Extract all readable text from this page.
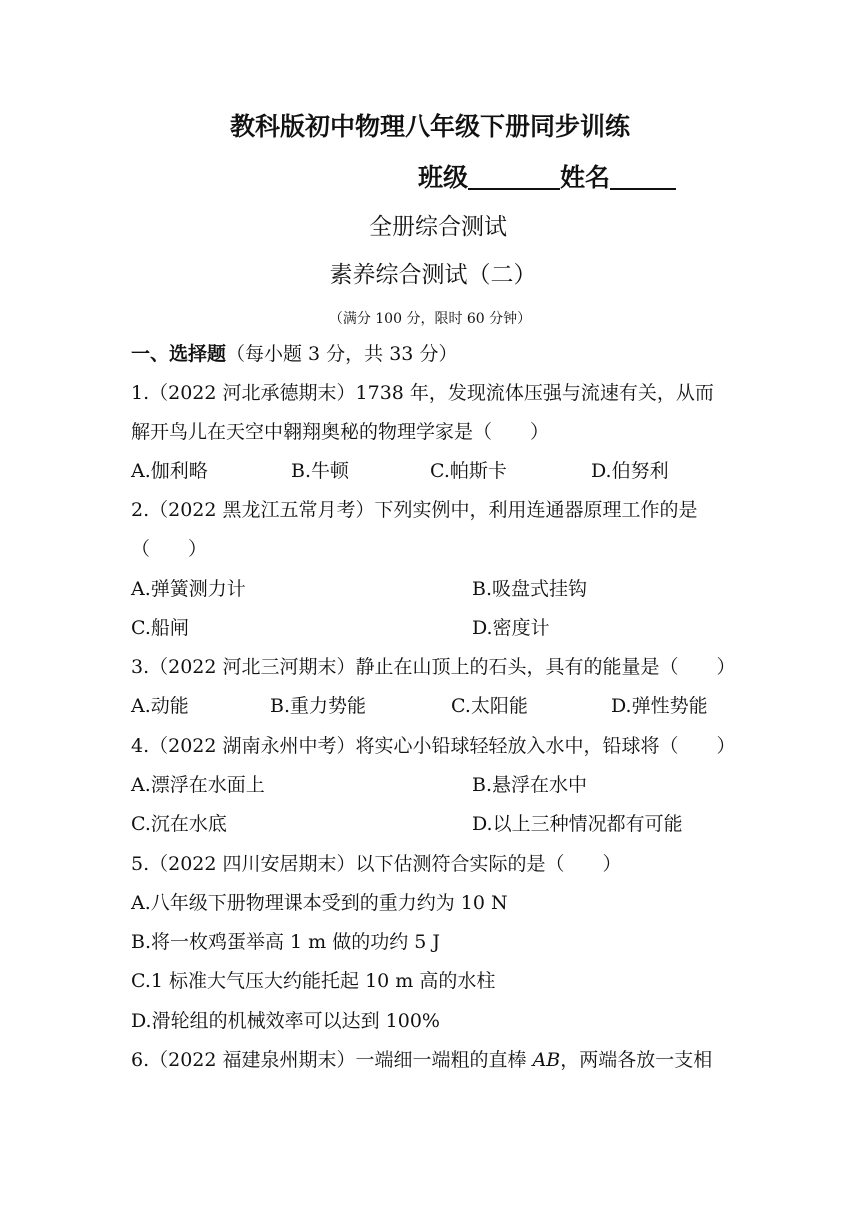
教科版初中物理八年级下册同步训练
班级	姓名
全册综合测试
素养综合测试（二）
（满分 100 分，限时 60 分钟）
一、选择题（每小题 3 分，共 33 分）
1.（2022 河北承德期末）1738 年，发现流体压强与流速有关，从而
解开鸟儿在天空中翱翔奥秘的物理学家是（　　）
A.伽利略	B.牛顿	C.帕斯卡	D.伯努利
2.（2022 黑龙江五常月考）下列实例中，利用连通器原理工作的是
（　　）
A.弹簧测力计	B.吸盘式挂钩
C.船闸	D.密度计
3.（2022 河北三河期末）静止在山顶上的石头，具有的能量是（　　）
A.动能	B.重力势能	C.太阳能	D.弹性势能
4.（2022 湖南永州中考）将实心小铅球轻轻放入水中，铅球将（　　）
A.漂浮在水面上	B.悬浮在水中
C.沉在水底	D.以上三种情况都有可能
5.（2022 四川安居期末）以下估测符合实际的是（　　）
A.八年级下册物理课本受到的重力约为 10 N
B.将一枚鸡蛋举高 1 m 做的功约 5 J
C.1 标准大气压大约能托起 10 m 高的水柱
D.滑轮组的机械效率可以达到 100%
6.（2022 福建泉州期末）一端细一端粗的直棒 AB，两端各放一支相
